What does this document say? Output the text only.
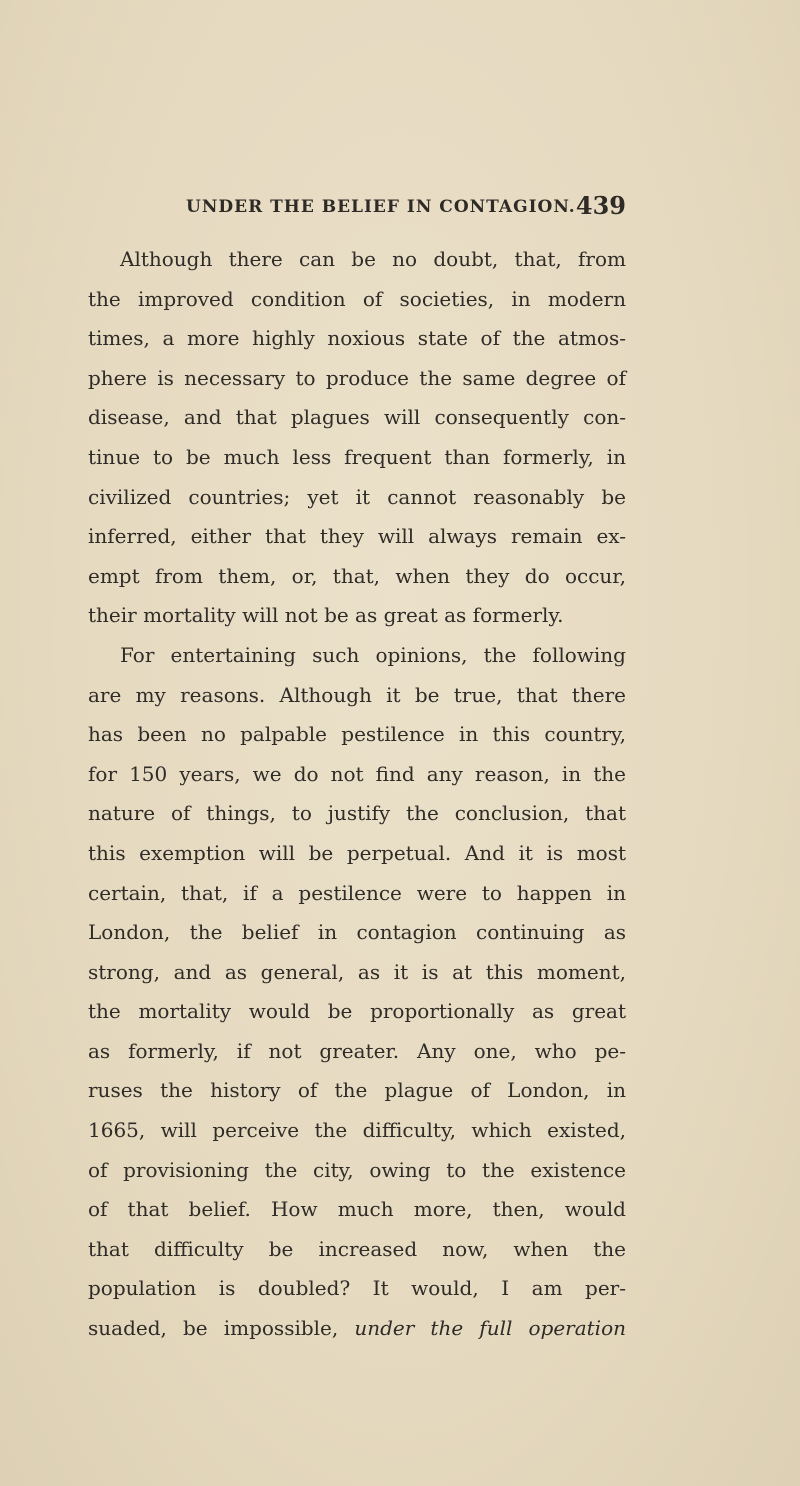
UNDER THE BELIEF IN CONTAGION. 439
Although there can be no doubt, that, from
the improved condition of societies, in modern
times, a more highly noxious state of the atmos-
phere is necessary to produce the same degree of
disease, and that plagues will consequently con-
tinue to be much less frequent than formerly, in
civilized countries; yet it cannot reasonably be
inferred, either that they will always remain ex-
empt from them, or, that, when they do occur,
their mortality will not be as great as formerly.
For entertaining such opinions, the following
are my reasons. Although it be true, that there
has been no palpable pestilence in this country,
for 150 years, we do not find any reason, in the
nature of things, to justify the conclusion, that
this exemption will be perpetual. And it is most
certain, that, if a pestilence were to happen in
London, the belief in contagion continuing as
strong, and as general, as it is at this moment,
the mortality would be proportionally as great
as formerly, if not greater. Any one, who pe-
ruses the history of the plague of London, in
1665, will perceive the difficulty, which existed,
of provisioning the city, owing to the existence
of that belief. How much more, then, would
that difficulty be increased now, when the
population is doubled? It would, I am per-
suaded, be impossible, under the full operation
